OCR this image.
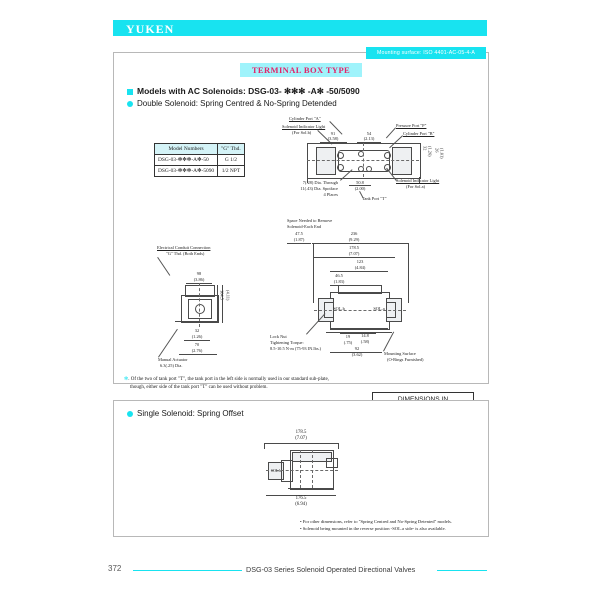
YUKEN
Mounting surface: ISO 4401-AC-05-4-A
TERMINAL BOX TYPE
Models with AC Solenoids: DSG-03- ✻✻✻ -A✻ -50/5090
Double Solenoid: Spring Centred & No-Spring Detended
Model Numbers	"G" Thd.
DSG-03-✻✻✻-A✻-50	G 1/2
DSG-03-✻✻✻-A✻-5090	1/2 NPT
Cylinder Port "A"
Solenoid Indicator Light
(For Sol.b)
Pressure Port "P"
Cylinder Port "B"
Solenoid Indicator Light
(For Sol.a)
91
(3.58)
54
(2.13)
32 (1.26) 26 (1.01)
7(.28) Dia. Through
11(.43) Dia. Spotface
4 Places
50.8
(2.00)
Tank Port "T"
Electrical Conduit Connection
"G" Thd. (Both Ends)
98
(3.86)
104.5 (4.11)
32
(1.26)
70
(2.76)
Manual Actuator
6.3(.25) Dia.
Space Needed to Remove
Solenoid-Each End
47.5
(1.87)
236
(9.29)
178.5
(7.07)
123
(4.84)
46.5
(1.83)
SOL.b	SOL.a
Lock Nut
Tightening Torque:
8.5-10.5 N·m (75-93 IN.lbs.)
19
(.75)
14.8
(.58)
92
(3.62)	Mounting Surface
(O-Rings Furnished)
✻. Of the two of tank port "T", the tank port in the left side is normally used in our standard sub-plate,
though, either side of the tank port "T" can be used without problem.
Single Solenoid: Spring Offset
178.5
(7.07)
SOL.b
176.5
(6.94)
• For other dimensions, refer to "Spring Centred and No-Spring Detented" models.
• Solenoid being mounted in the reverse position -SOL.a side- is also available.
372	DSG-03 Series Solenoid Operated Directional Valves
